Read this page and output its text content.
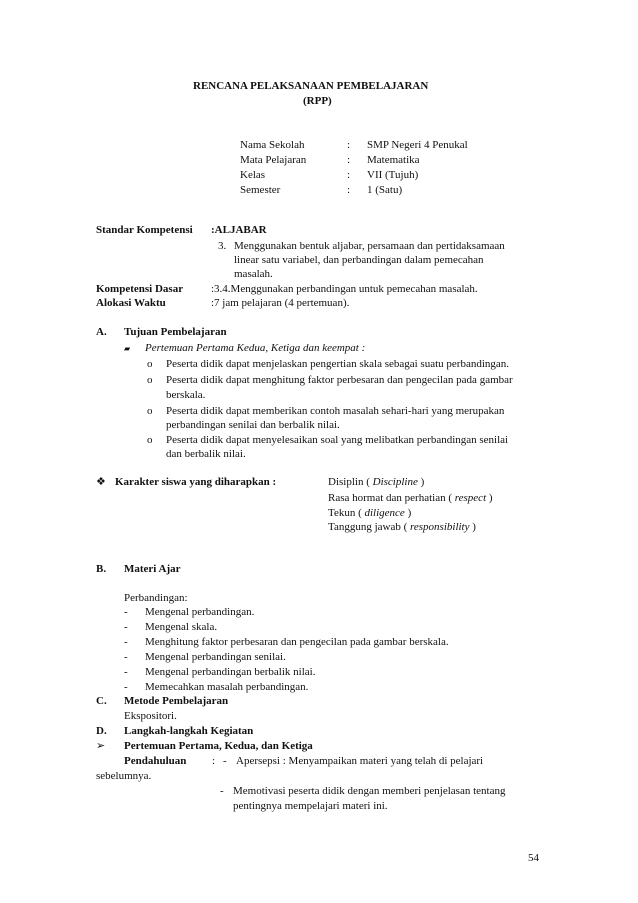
RENCANA PELAKSANAAN PEMBELAJARAN
(RPP)
Nama Sekolah	: SMP Negeri 4 Penukal
Mata Pelajaran	: Matematika
Kelas	: VII (Tujuh)
Semester	: 1 (Satu)
Standar Kompetensi :ALJABAR
3. Menggunakan bentuk aljabar, persamaan dan pertidaksamaan
linear satu variabel, dan perbandingan dalam pemecahan
masalah.
Kompetensi Dasar	:3.4.Menggunakan perbandingan untuk pemecahan masalah.
Alokasi Waktu	:7 jam pelajaran (4 pertemuan).
A. Tujuan Pembelajaran
▰ Pertemuan Pertama Kedua, Ketiga dan keempat :
o Peserta didik dapat menjelaskan pengertian skala sebagai suatu perbandingan.
o Peserta didik dapat menghitung faktor perbesaran dan pengecilan pada gambar
berskala.
o Peserta didik dapat memberikan contoh masalah sehari-hari yang merupakan
perbandingan senilai dan berbalik nilai.
o Peserta didik dapat menyelesaikan soal yang melibatkan perbandingan senilai
dan berbalik nilai.
❖ Karakter siswa yang diharapkan :	Disiplin ( Discipline )
Rasa hormat dan perhatian ( respect )
Tekun ( diligence )
Tanggung jawab ( responsibility )
B. Materi Ajar
Perbandingan:
- Mengenal perbandingan.
- Mengenal skala.
- Menghitung faktor perbesaran dan pengecilan pada gambar berskala.
- Mengenal perbandingan senilai.
- Mengenal perbandingan berbalik nilai.
- Memecahkan masalah perbandingan.
C. Metode Pembelajaran
Ekspositori.
D. Langkah-langkah Kegiatan
➢ Pertemuan Pertama, Kedua, dan Ketiga
Pendahuluan : - Apersepsi : Menyampaikan materi yang telah di pelajari
sebelumnya.
- Memotivasi peserta didik dengan memberi penjelasan tentang
pentingnya mempelajari materi ini.
54
